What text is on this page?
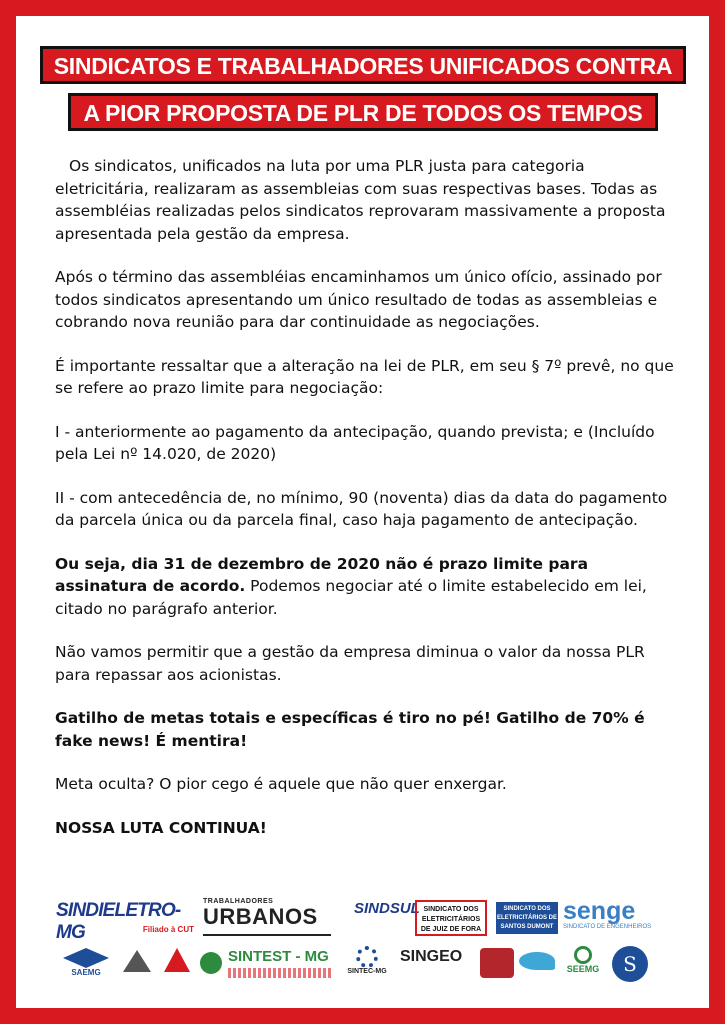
SINDICATOS E TRABALHADORES UNIFICADOS CONTRA
A PIOR PROPOSTA DE PLR DE TODOS OS TEMPOS

Os sindicatos, unificados na luta por uma PLR justa para categoria eletricitária, realizaram as assembleias com suas respectivas bases. Todas as assembléias realizadas pelos sindicatos reprovaram massivamente a proposta apresentada pela gestão da empresa.

Após o término das assembléias encaminhamos um único ofício, assinado por todos sindicatos apresentando um único resultado de todas as assembleias e cobrando nova reunião para dar continuidade as negociações.

É importante ressaltar que a alteração na lei de PLR, em seu § 7º prevê, no que se refere ao prazo limite para negociação:

I - anteriormente ao pagamento da antecipação, quando prevista; e (Incluído pela Lei nº 14.020, de 2020)

II - com antecedência de, no mínimo, 90 (noventa) dias da data do pagamento da parcela única ou da parcela final, caso haja pagamento de antecipação.

Ou seja, dia 31 de dezembro de 2020 não é prazo limite para assinatura de acordo. Podemos negociar até o limite estabelecido em lei, citado no parágrafo anterior.

Não vamos permitir que a gestão da empresa diminua o valor da nossa PLR para repassar aos acionistas.

Gatilho de metas totais e específicas é tiro no pé! Gatilho de 70% é fake news! É mentira!

Meta oculta? O pior cego é aquele que não quer enxergar.

NOSSA LUTA CONTINUA!

SINDIELETRO-MG	Filiado à CUT
TRABALHADORES
URBANOS	SINDSUL SINDICATO DOS ELETRICITÁRIOS DE JUIZ DE FORA
SINDICATO DOS ELETRICITÁRIOS DE SANTOS DUMONT
senge
SINDICATO DE ENGENHEIROS
SAEMG
SINTEST - MG
SINTEC-MG
SINGEO
SEEMG	S
